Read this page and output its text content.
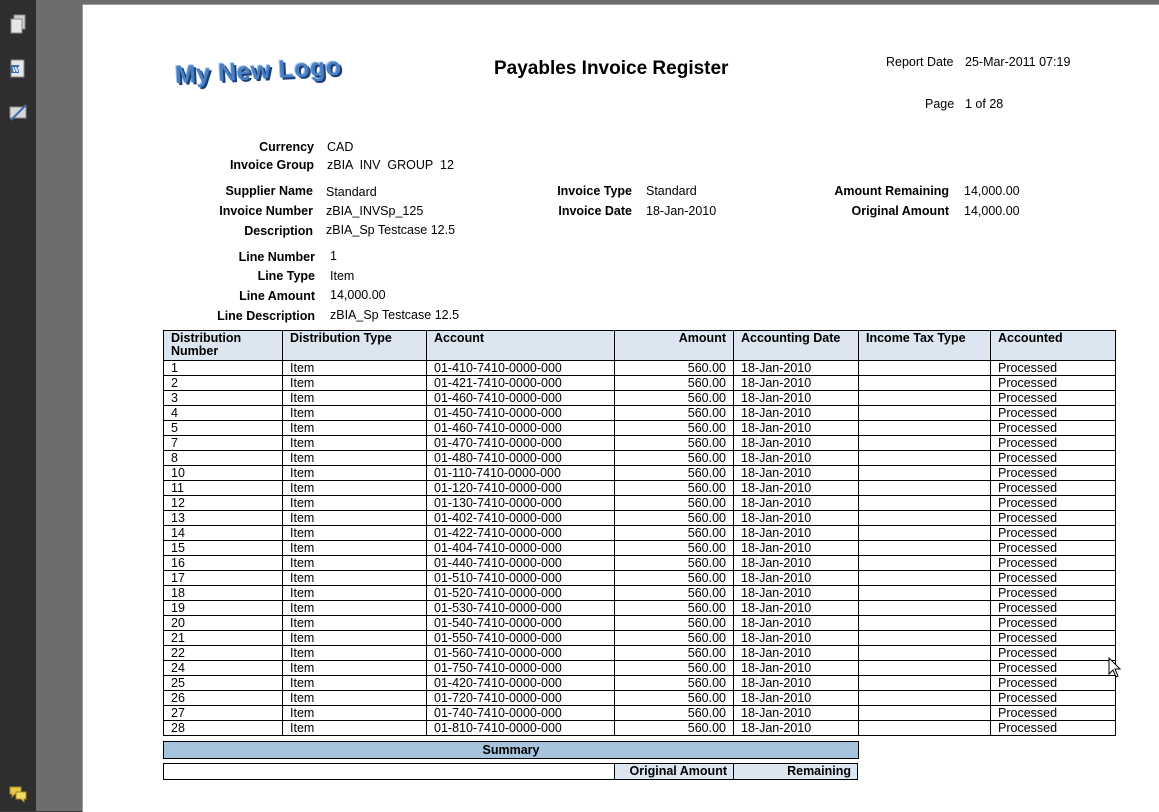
W	My New Logo	Payables Invoice Register	Report Date 25-Mar-2011 07:19
Page 1 of 28
Currency CAD
Invoice Group zBIA  INV  GROUP  12
Supplier Name Standard
Invoice Number zBIA_INVSp_125
Description zBIA_Sp Testcase 12.5
Invoice Type Standard
Invoice Date 18-Jan-2010
Amount Remaining 14,000.00
Original Amount 14,000.00
Line Number 1
Line Type Item
Line Amount 14,000.00
Line Description zBIA_Sp Testcase 12.5
Distribution Number	Distribution Type	Account	Amount	Accounting Date	Income Tax Type	Accounted
1	Item	01-410-7410-0000-000	560.00	18-Jan-2010		Processed
2	Item	01-421-7410-0000-000	560.00	18-Jan-2010		Processed
3	Item	01-460-7410-0000-000	560.00	18-Jan-2010		Processed
4	Item	01-450-7410-0000-000	560.00	18-Jan-2010		Processed
5	Item	01-460-7410-0000-000	560.00	18-Jan-2010		Processed
7	Item	01-470-7410-0000-000	560.00	18-Jan-2010		Processed
8	Item	01-480-7410-0000-000	560.00	18-Jan-2010		Processed
10	Item	01-110-7410-0000-000	560.00	18-Jan-2010		Processed
11	Item	01-120-7410-0000-000	560.00	18-Jan-2010		Processed
12	Item	01-130-7410-0000-000	560.00	18-Jan-2010		Processed
13	Item	01-402-7410-0000-000	560.00	18-Jan-2010		Processed
14	Item	01-422-7410-0000-000	560.00	18-Jan-2010		Processed
15	Item	01-404-7410-0000-000	560.00	18-Jan-2010		Processed
16	Item	01-440-7410-0000-000	560.00	18-Jan-2010		Processed
17	Item	01-510-7410-0000-000	560.00	18-Jan-2010		Processed
18	Item	01-520-7410-0000-000	560.00	18-Jan-2010		Processed
19	Item	01-530-7410-0000-000	560.00	18-Jan-2010		Processed
20	Item	01-540-7410-0000-000	560.00	18-Jan-2010		Processed
21	Item	01-550-7410-0000-000	560.00	18-Jan-2010		Processed
22	Item	01-560-7410-0000-000	560.00	18-Jan-2010		Processed
24	Item	01-750-7410-0000-000	560.00	18-Jan-2010		Processed
25	Item	01-420-7410-0000-000	560.00	18-Jan-2010		Processed
26	Item	01-720-7410-0000-000	560.00	18-Jan-2010		Processed
27	Item	01-740-7410-0000-000	560.00	18-Jan-2010		Processed
28	Item	01-810-7410-0000-000	560.00	18-Jan-2010		Processed
Summary
Original Amount	Remaining
